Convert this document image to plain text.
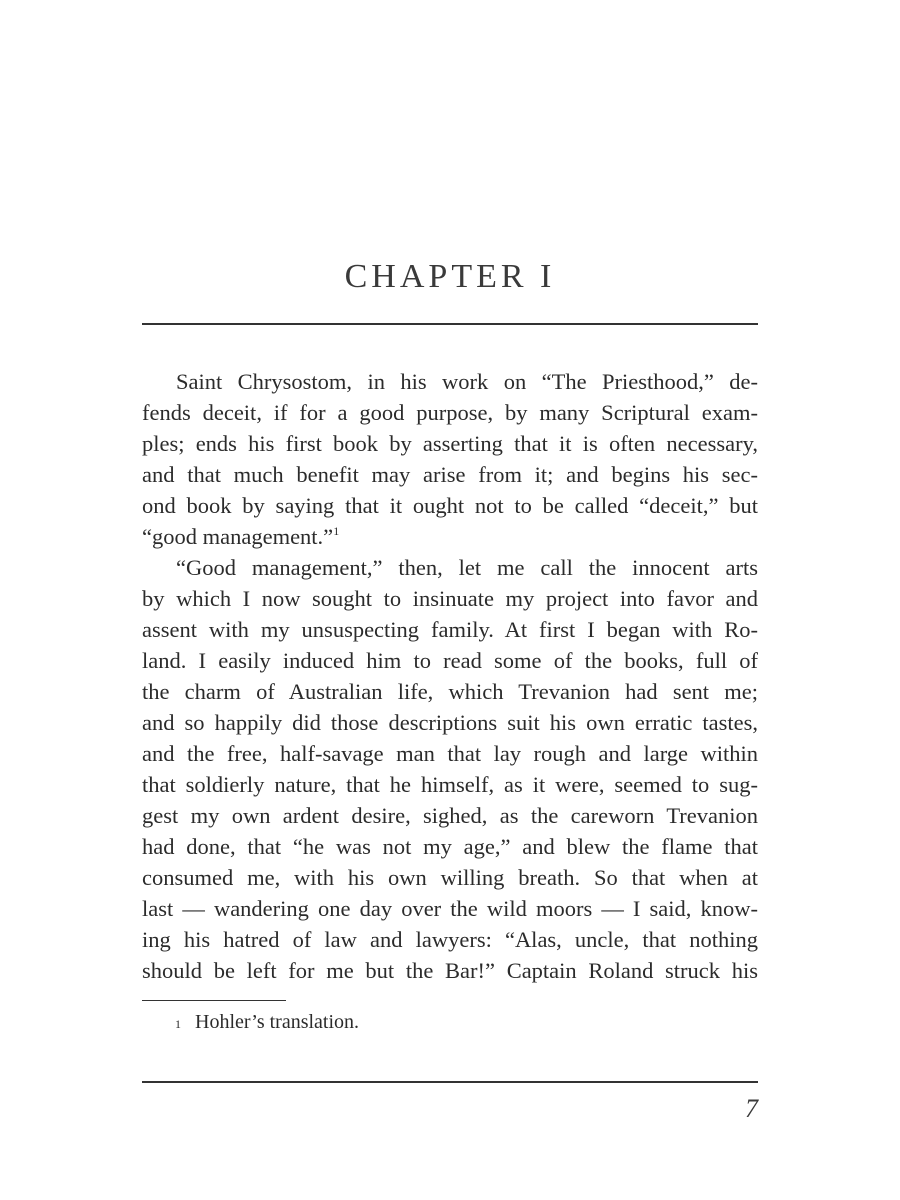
CHAPTER I
Saint Chrysostom, in his work on “The Priesthood,” de-
fends deceit, if for a good purpose, by many Scriptural exam-
ples; ends his first book by asserting that it is often necessary,
and that much benefit may arise from it; and begins his sec-
ond book by saying that it ought not to be called “deceit,” but
“good management.”$^1$
“Good management,” then, let me call the innocent arts
by which I now sought to insinuate my project into favor and
assent with my unsuspecting family. At first I began with Ro-
land. I easily induced him to read some of the books, full of
the charm of Australian life, which Trevanion had sent me;
and so happily did those descriptions suit his own erratic tastes,
and the free, half-savage man that lay rough and large within
that soldierly nature, that he himself, as it were, seemed to sug-
gest my own ardent desire, sighed, as the careworn Trevanion
had done, that “he was not my age,” and blew the flame that
consumed me, with his own willing breath. So that when at
last — wandering one day over the wild moors — I said, know-
ing his hatred of law and lawyers: “Alas, uncle, that nothing
should be left for me but the Bar!” Captain Roland struck his
$^1$ Hohler’s translation.
7
